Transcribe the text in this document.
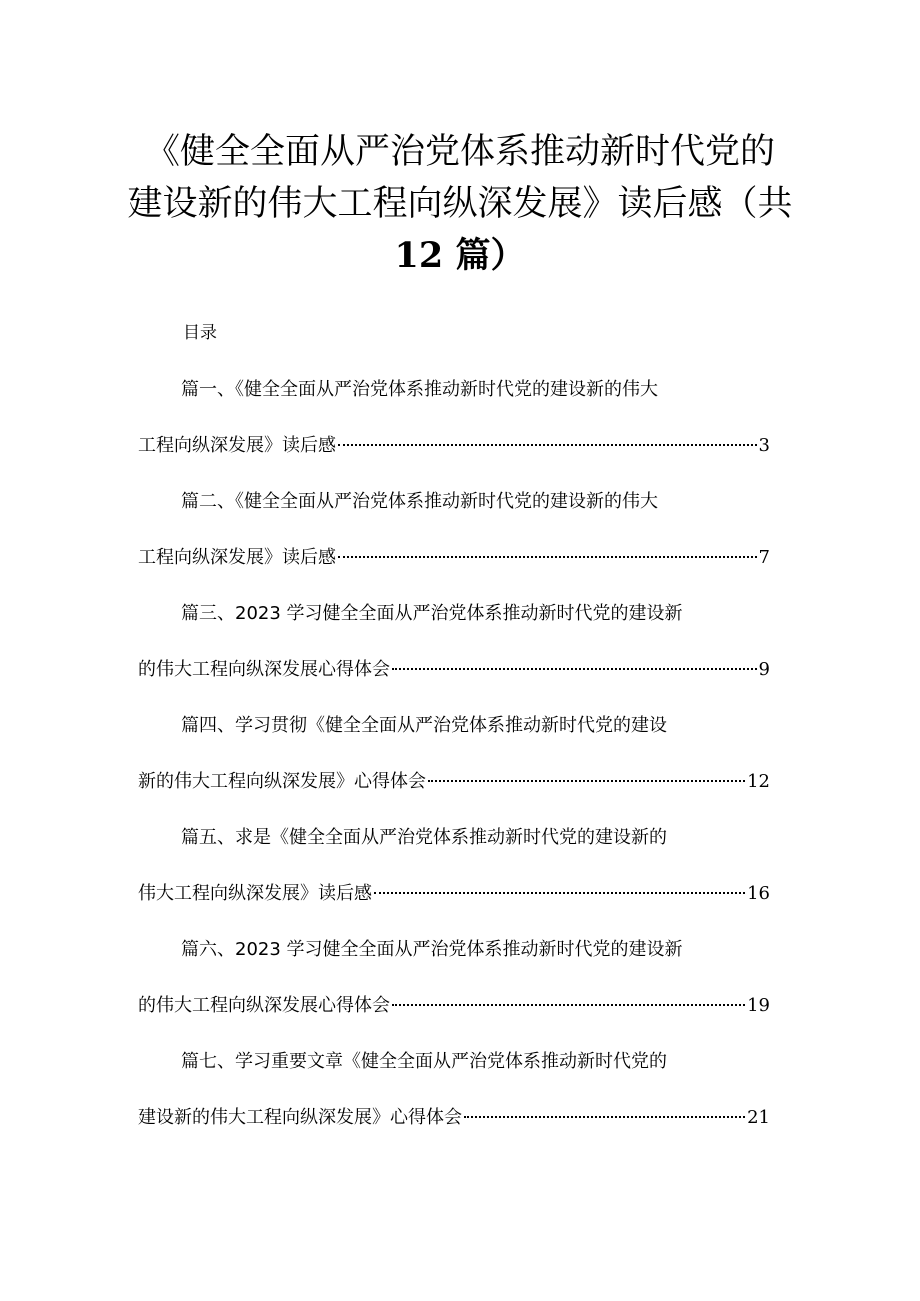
《健全全面从严治党体系推动新时代党的
建设新的伟大工程向纵深发展》读后感（共
12 篇）
目录
篇一、《健全全面从严治党体系推动新时代党的建设新的伟大
工程向纵深发展》读后感	3
篇二、《健全全面从严治党体系推动新时代党的建设新的伟大
工程向纵深发展》读后感	7
篇三、2023 学习健全全面从严治党体系推动新时代党的建设新
的伟大工程向纵深发展心得体会	9
篇四、学习贯彻《健全全面从严治党体系推动新时代党的建设
新的伟大工程向纵深发展》心得体会	12
篇五、求是《健全全面从严治党体系推动新时代党的建设新的
伟大工程向纵深发展》读后感	16
篇六、2023 学习健全全面从严治党体系推动新时代党的建设新
的伟大工程向纵深发展心得体会	19
篇七、学习重要文章《健全全面从严治党体系推动新时代党的
建设新的伟大工程向纵深发展》心得体会	21
